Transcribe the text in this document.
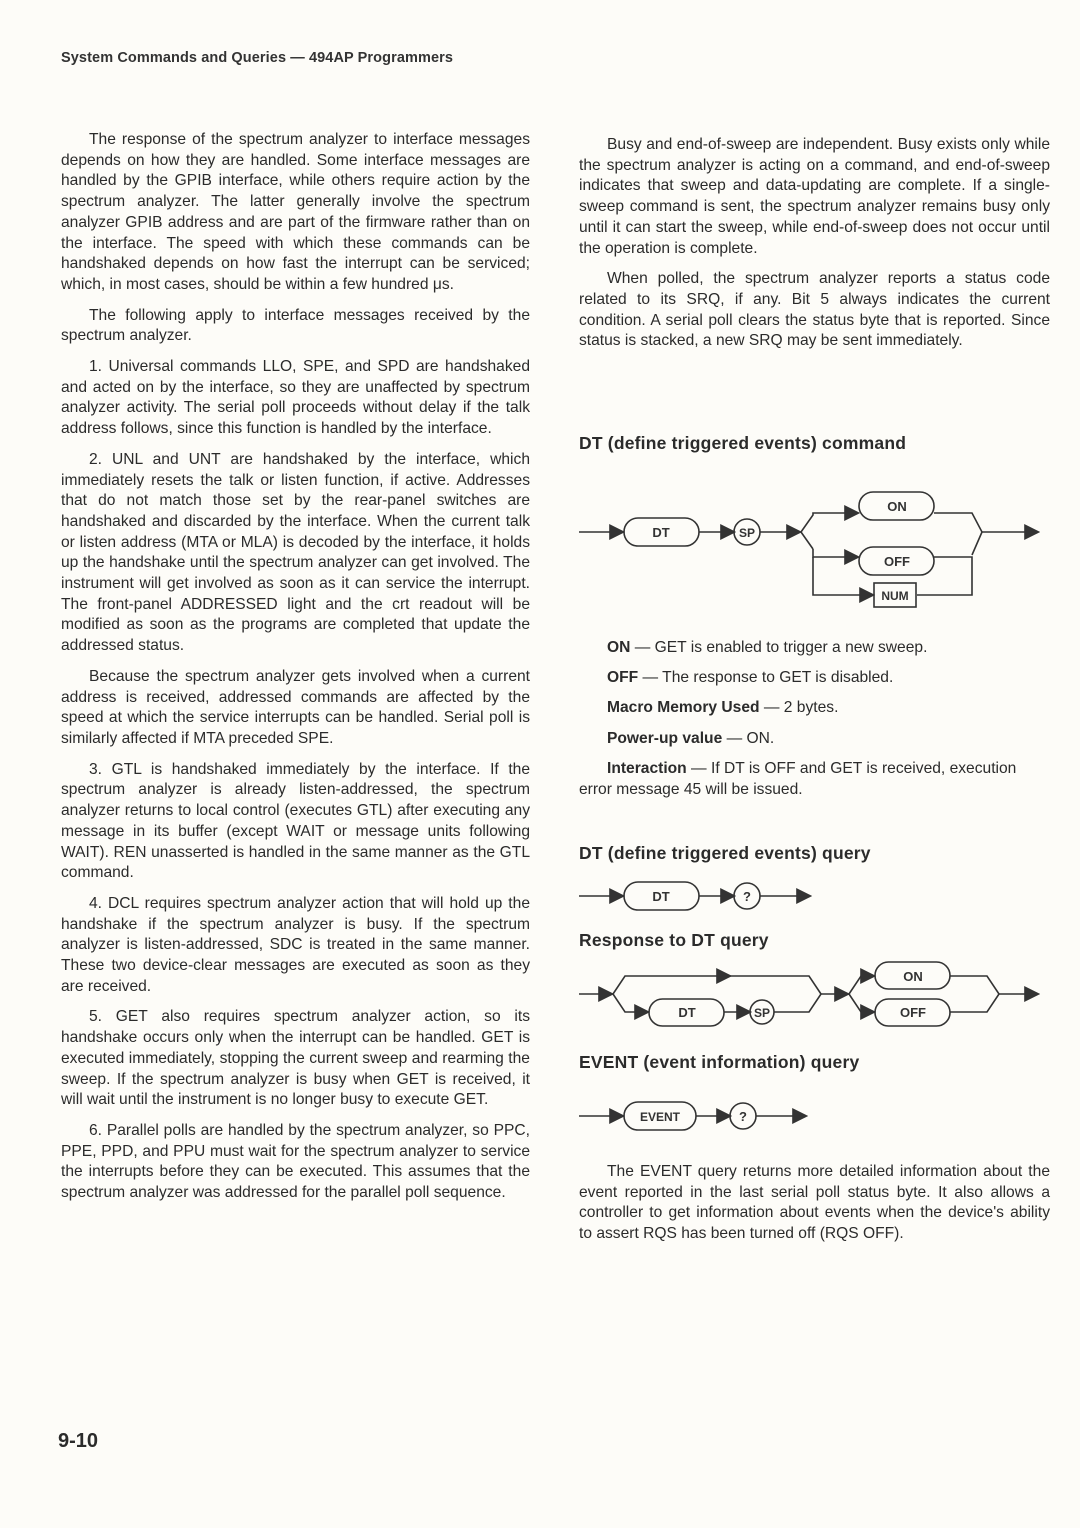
System Commands and Queries — 494AP Programmers

The response of the spectrum analyzer to interface messages depends on how they are handled. Some interface messages are handled by the GPIB interface, while others require action by the spectrum analyzer. The latter generally involve the spectrum analyzer GPIB address and are part of the firmware rather than on the interface. The speed with which these commands can be handshaked depends on how fast the interrupt can be serviced; which, in most cases, should be within a few hundred μs.

The following apply to interface messages received by the spectrum analyzer.

1. Universal commands LLO, SPE, and SPD are handshaked and acted on by the interface, so they are unaffected by spectrum analyzer activity. The serial poll proceeds without delay if the talk address follows, since this function is handled by the interface.

2. UNL and UNT are handshaked by the interface, which immediately resets the talk or listen function, if active. Addresses that do not match those set by the rear-panel switches are handshaked and discarded by the interface. When the current talk or listen address (MTA or MLA) is decoded by the interface, it holds up the handshake until the spectrum analyzer can get involved. The instrument will get involved as soon as it can service the interrupt. The front-panel ADDRESSED light and the crt readout will be modified as soon as the programs are completed that update the addressed status.

Because the spectrum analyzer gets involved when a current address is received, addressed commands are affected by the speed at which the service interrupts can be handled. Serial poll is similarly affected if MTA preceded SPE.

3. GTL is handshaked immediately by the interface. If the spectrum analyzer is already listen-addressed, the spectrum analyzer returns to local control (executes GTL) after executing any message in its buffer (except WAIT or message units following WAIT). REN unasserted is handled in the same manner as the GTL command.

4. DCL requires spectrum analyzer action that will hold up the handshake if the spectrum analyzer is busy. If the spectrum analyzer is listen-addressed, SDC is treated in the same manner. These two device-clear messages are executed as soon as they are received.

5. GET also requires spectrum analyzer action, so its handshake occurs only when the interrupt can be handled. GET is executed immediately, stopping the current sweep and rearming the sweep. If the spectrum analyzer is busy when GET is received, it will wait until the instrument is no longer busy to execute GET.

6. Parallel polls are handled by the spectrum analyzer, so PPC, PPE, PPD, and PPU must wait for the spectrum analyzer to service the interrupts before they can be executed. This assumes that the spectrum analyzer was addressed for the parallel poll sequence.

Busy and end-of-sweep are independent. Busy exists only while the spectrum analyzer is acting on a command, and end-of-sweep indicates that sweep and data-updating are complete. If a single-sweep command is sent, the spectrum analyzer remains busy only until it can start the sweep, while end-of-sweep does not occur until the operation is complete.

When polled, the spectrum analyzer reports a status code related to its SRQ, if any. Bit 5 always indicates the current condition. A serial poll clears the status byte that is reported. Since status is stacked, a new SRQ may be sent immediately.

DT (define triggered events) command
DT	SP
ON
OFF
NUM

ON — GET is enabled to trigger a new sweep.

OFF — The response to GET is disabled.

Macro Memory Used — 2 bytes.

Power-up value — ON.

Interaction — If DT is OFF and GET is received, execution error message 45 will be issued.

DT (define triggered events) query
DT	?
Response to DT query
DT	SP
ON
OFF
EVENT (event information) query
EVENT	?

The EVENT query returns more detailed information about the event reported in the last serial poll status byte. It also allows a controller to get information about events when the device's ability to assert RQS has been turned off (RQS OFF).

9-10
